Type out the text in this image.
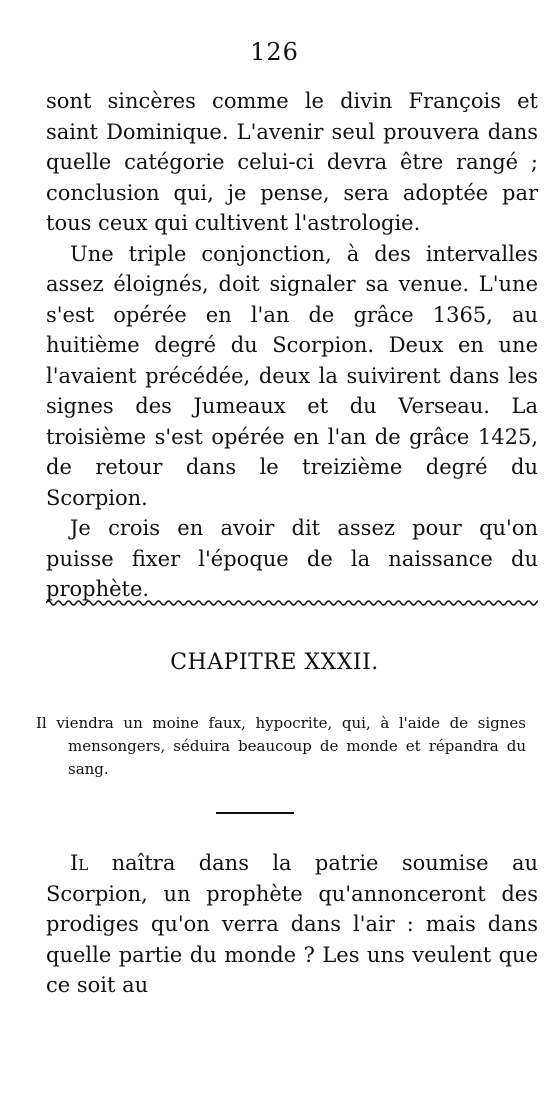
126

sont sincères comme le divin François et saint Dominique. L'avenir seul prouvera dans quelle catégorie celui-ci devra être rangé ; conclusion qui, je pense, sera adoptée par tous ceux qui cultivent l'astrologie.

Une triple conjonction, à des intervalles assez éloignés, doit signaler sa venue. L'une s'est opérée en l'an de grâce 1365, au huitième degré du Scorpion. Deux en une l'avaient précédée, deux la suivirent dans les signes des Jumeaux et du Verseau. La troisième s'est opérée en l'an de grâce 1425, de retour dans le treizième degré du Scorpion.

Je crois en avoir dit assez pour qu'on puisse fixer l'époque de la naissance du prophète.

CHAPITRE XXXII.

Il viendra un moine faux, hypocrite, qui, à l'aide de signes mensongers, séduira beaucoup de monde et répandra du sang.

Il naîtra dans la patrie soumise au Scorpion, un prophète qu'annonceront des prodiges qu'on verra dans l'air : mais dans quelle partie du monde ? Les uns veulent que ce soit au
